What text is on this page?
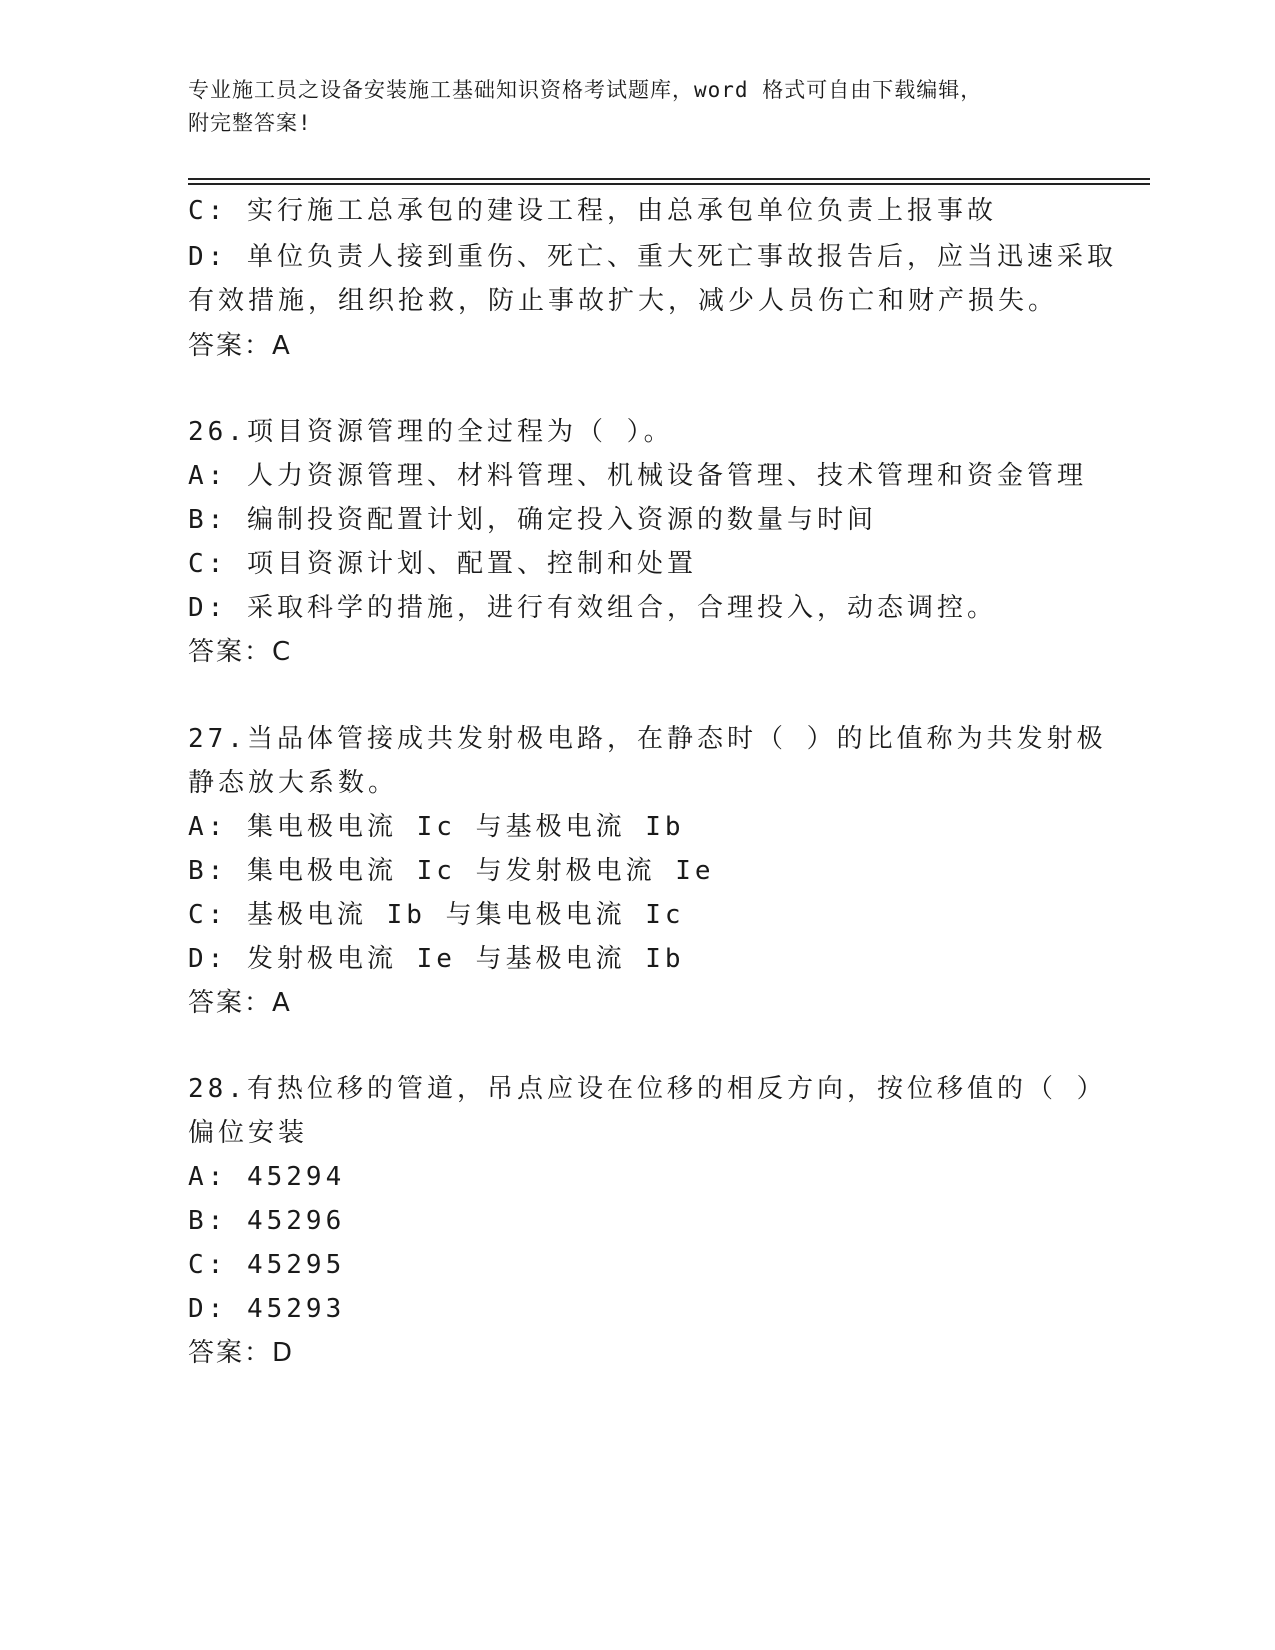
专业施工员之设备安装施工基础知识资格考试题库，word 格式可自由下载编辑，
附完整答案!
C: 实行施工总承包的建设工程，由总承包单位负责上报事故
D: 单位负责人接到重伤、死亡、重大死亡事故报告后，应当迅速采取
有效措施，组织抢救，防止事故扩大，减少人员伤亡和财产损失。
答案：A
26.项目资源管理的全过程为（ ）。
A: 人力资源管理、材料管理、机械设备管理、技术管理和资金管理
B: 编制投资配置计划，确定投入资源的数量与时间
C: 项目资源计划、配置、控制和处置
D: 采取科学的措施，进行有效组合，合理投入，动态调控。
答案：C
27.当品体管接成共发射极电路，在静态时（ ）的比值称为共发射极
静态放大系数。
A: 集电极电流 Ic 与基极电流 Ib
B: 集电极电流 Ic 与发射极电流 Ie
C: 基极电流 Ib 与集电极电流 Ic
D: 发射极电流 Ie 与基极电流 Ib
答案：A
28.有热位移的管道，吊点应设在位移的相反方向，按位移值的（ ）
偏位安装
A: 45294
B: 45296
C: 45295
D: 45293
答案：D
